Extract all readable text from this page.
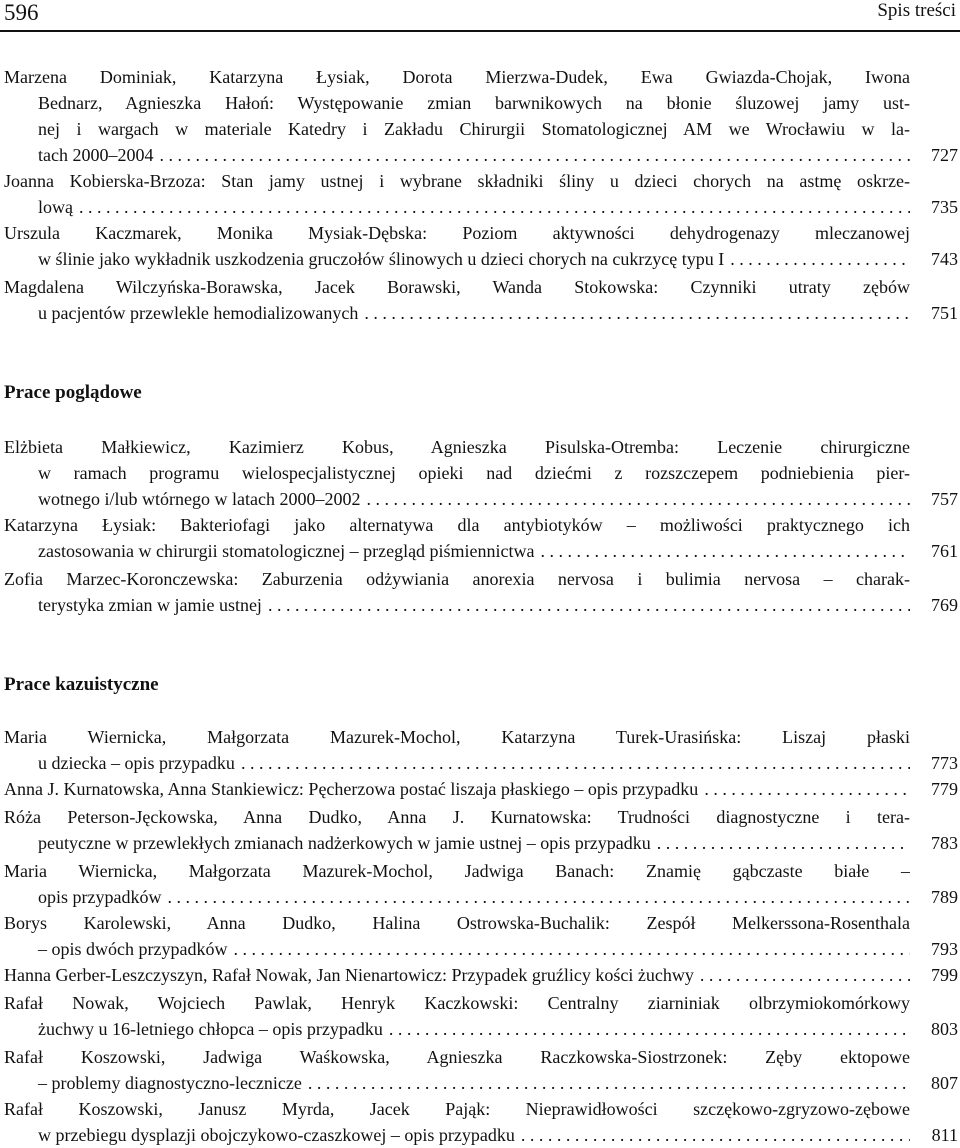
596	Spis treści
Marzena Dominiak, Katarzyna Łysiak, Dorota Mierzwa-Dudek, Ewa Gwiazda-Chojak, Iwona
Bednarz, Agnieszka Hałoń: Występowanie zmian barwnikowych na błonie śluzowej jamy ust-
nej i wargach w materiale Katedry i Zakładu Chirurgii Stomatologicznej AM we Wrocławiu w la-
tach 2000–2004 . . .	727
Joanna Kobierska-Brzoza: Stan jamy ustnej i wybrane składniki śliny u dzieci chorych na astmę oskrze-
lową . . .	735
Urszula Kaczmarek, Monika Mysiak-Dębska: Poziom aktywności dehydrogenazy mleczanowej
w ślinie jako wykładnik uszkodzenia gruczołów ślinowych u dzieci chorych na cukrzycę typu I . . .	743
Magdalena Wilczyńska-Borawska, Jacek Borawski, Wanda Stokowska: Czynniki utraty zębów
u pacjentów przewlekle hemodializowanych . . .	751
Prace poglądowe
Elżbieta Małkiewicz, Kazimierz Kobus, Agnieszka Pisulska-Otremba: Leczenie chirurgiczne
w ramach programu wielospecjalistycznej opieki nad dziećmi z rozszczepem podniebienia pier-
wotnego i/lub wtórnego w latach 2000–2002 . . .	757
Katarzyna Łysiak: Bakteriofagi jako alternatywa dla antybiotyków – możliwości praktycznego ich
zastosowania w chirurgii stomatologicznej – przegląd piśmiennictwa . . .	761
Zofia Marzec-Koronczewska: Zaburzenia odżywiania anorexia nervosa i bulimia nervosa – charak-
terystyka zmian w jamie ustnej . . .	769
Prace kazuistyczne
Maria Wiernicka, Małgorzata Mazurek-Mochol, Katarzyna Turek-Urasińska: Liszaj płaski
u dziecka – opis przypadku . . .	773
Anna J. Kurnatowska, Anna Stankiewicz: Pęcherzowa postać liszaja płaskiego – opis przypadku . . .	779
Róża Peterson-Jęckowska, Anna Dudko, Anna J. Kurnatowska: Trudności diagnostyczne i tera-
peutyczne w przewlekłych zmianach nadżerkowych w jamie ustnej – opis przypadku . . .	783
Maria Wiernicka, Małgorzata Mazurek-Mochol, Jadwiga Banach: Znamię gąbczaste białe –
opis przypadków . . .	789
Borys Karolewski, Anna Dudko, Halina Ostrowska-Buchalik: Zespół Melkerssona-Rosenthala
– opis dwóch przypadków . . .	793
Hanna Gerber-Leszczyszyn, Rafał Nowak, Jan Nienartowicz: Przypadek gruźlicy kości żuchwy . . .	799
Rafał Nowak, Wojciech Pawlak, Henryk Kaczkowski: Centralny ziarniniak olbrzymiokomórkowy
żuchwy u 16-letniego chłopca – opis przypadku . . .	803
Rafał Koszowski, Jadwiga Waśkowska, Agnieszka Raczkowska-Siostrzonek: Zęby ektopowe
– problemy diagnostyczno-lecznicze . . .	807
Rafał Koszowski, Janusz Myrda, Jacek Pająk: Nieprawidłowości szczękowo-zgryzowo-zębowe
w przebiegu dysplazji obojczykowo-czaszkowej – opis przypadku . . .	811
